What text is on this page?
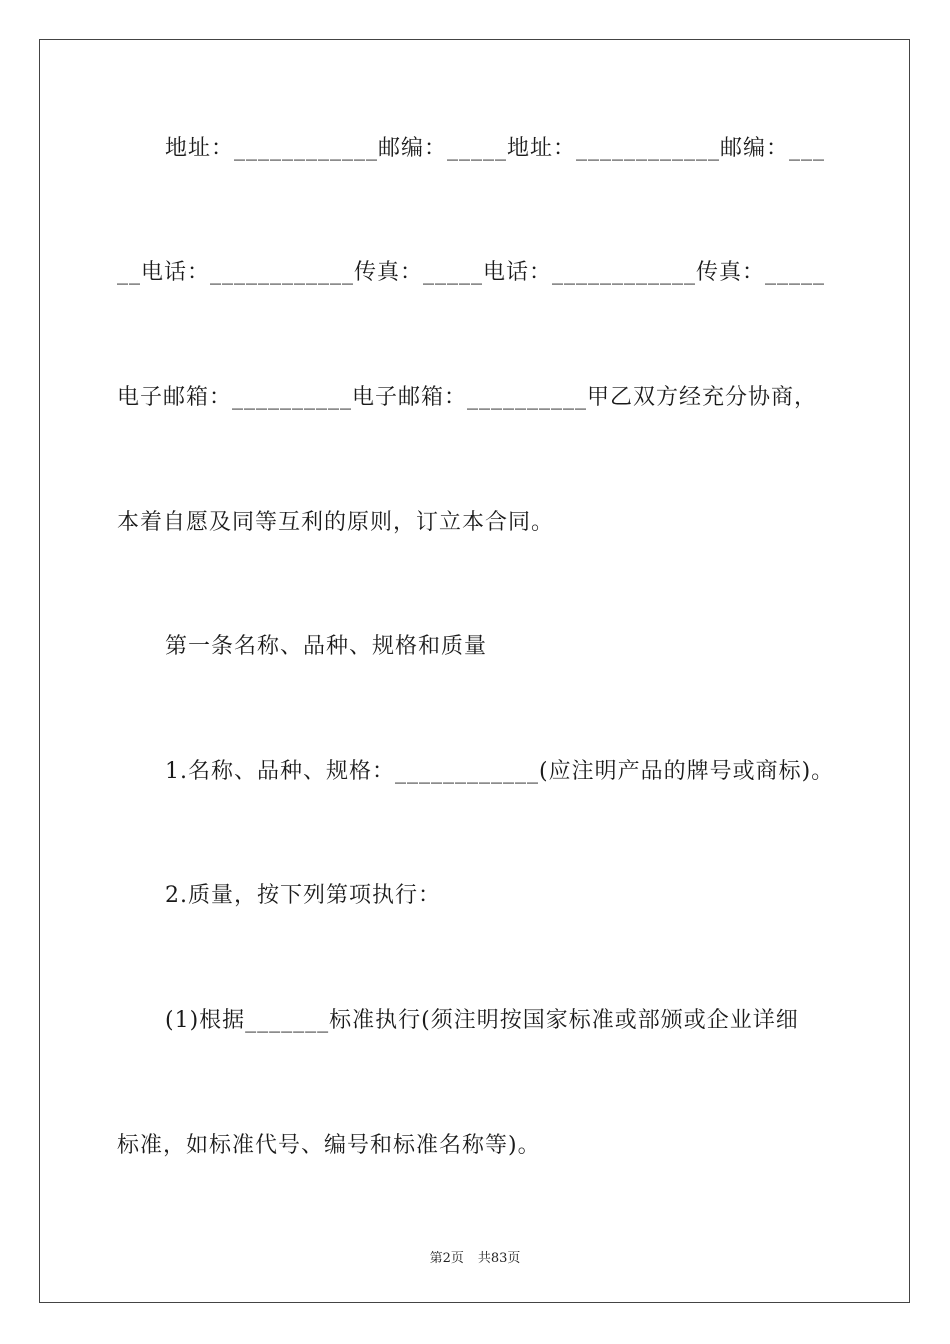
地址：____________邮编：_____地址：____________邮编：___
__电话：____________传真：_____电话：____________传真：_____
电子邮箱：__________电子邮箱：__________甲乙双方经充分协商，
本着自愿及同等互利的原则，订立本合同。
第一条名称、品种、规格和质量
1.名称、品种、规格：____________(应注明产品的牌号或商标)。
2.质量，按下列第项执行：
(1)根据_______标准执行(须注明按国家标准或部颁或企业详细
标准，如标准代号、编号和标准名称等)。
第2页 共83页
